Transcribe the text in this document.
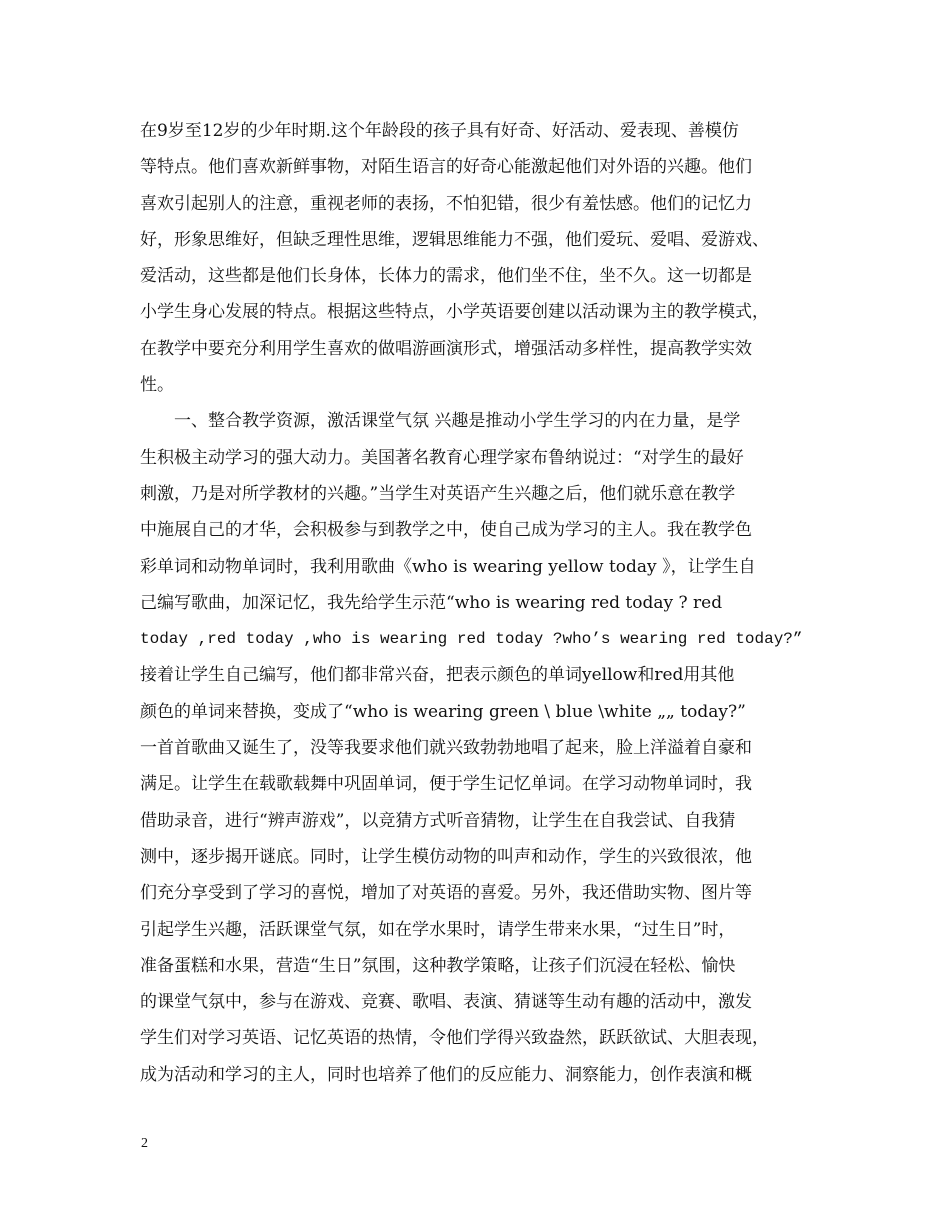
在9岁至12岁的少年时期.这个年龄段的孩子具有好奇、好活动、爱表现、善模仿
等特点。他们喜欢新鲜事物，对陌生语言的好奇心能激起他们对外语的兴趣。他们
喜欢引起别人的注意，重视老师的表扬，不怕犯错，很少有羞怯感。他们的记忆力
好，形象思维好，但缺乏理性思维，逻辑思维能力不强，他们爱玩、爱唱、爱游戏、
爱活动，这些都是他们长身体，长体力的需求，他们坐不住，坐不久。这一切都是
小学生身心发展的特点。根据这些特点，小学英语要创建以活动课为主的教学模式，
在教学中要充分利用学生喜欢的做唱游画演形式，增强活动多样性，提高教学实效
性。
　　一、整合教学资源，激活课堂气氛 兴趣是推动小学生学习的内在力量，是学
生积极主动学习的强大动力。美国著名教育心理学家布鲁纳说过：“对学生的最好
刺激，乃是对所学教材的兴趣。”当学生对英语产生兴趣之后，他们就乐意在教学
中施展自己的才华，会积极参与到教学之中，使自己成为学习的主人。我在教学色
彩单词和动物单词时，我利用歌曲《who is wearing yellow today 》，让学生自
己编写歌曲，加深记忆，我先给学生示范“who is wearing red today ? red
today ,red today ,who is wearing red today ?who’s wearing red today?”
接着让学生自己编写，他们都非常兴奋，把表示颜色的单词yellow和red用其他
颜色的单词来替换，变成了“who is wearing green \ blue \white „„ today?”
一首首歌曲又诞生了，没等我要求他们就兴致勃勃地唱了起来，脸上洋溢着自豪和
满足。让学生在载歌载舞中巩固单词，便于学生记忆单词。在学习动物单词时，我
借助录音，进行“辨声游戏”，以竞猜方式听音猜物，让学生在自我尝试、自我猜
测中，逐步揭开谜底。同时，让学生模仿动物的叫声和动作，学生的兴致很浓，他
们充分享受到了学习的喜悦，增加了对英语的喜爱。另外，我还借助实物、图片等
引起学生兴趣，活跃课堂气氛，如在学水果时，请学生带来水果，“过生日”时，
准备蛋糕和水果，营造“生日”氛围，这种教学策略，让孩子们沉浸在轻松、愉快
的课堂气氛中，参与在游戏、竞赛、歌唱、表演、猜谜等生动有趣的活动中，激发
学生们对学习英语、记忆英语的热情，令他们学得兴致盎然，跃跃欲试、大胆表现，
成为活动和学习的主人，同时也培养了他们的反应能力、洞察能力，创作表演和概
2
